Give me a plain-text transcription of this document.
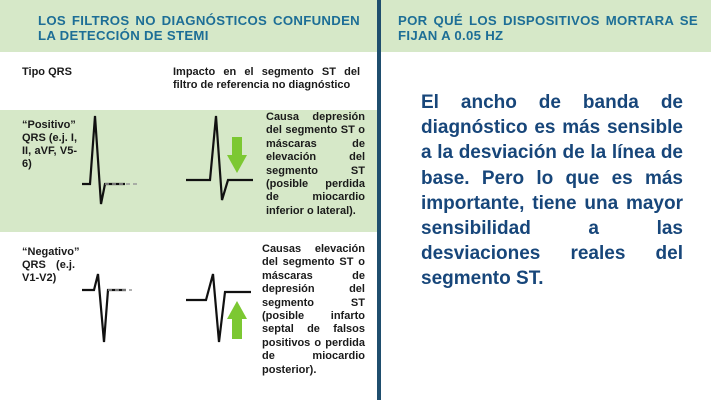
LOS FILTROS NO DIAGNÓSTICOS CONFUNDEN LA DETECCIÓN DE STEMI
Tipo QRS	Impacto en el segmento ST del filtro de referencia no diagnóstico
“Positivo” QRS (e.j. I, II, aVF, V5-6)
Causa depresión del segmento ST o máscaras de elevación del segmento ST (posible perdida de miocardio inferior o lateral).
“Negativo” QRS (e.j. V1-V2)
Causas elevación del segmento ST o máscaras de depresión del segmento ST (posible infarto septal de falsos positivos o perdida de miocardio posterior).
POR QUÉ LOS DISPOSITIVOS MORTARA SE FIJAN A 0.05 HZ
El ancho de banda de diagnóstico es más sensible a la desviación de la línea de base. Pero lo que es más importante, tiene una mayor sensibilidad a las desviaciones reales del segmento ST.
